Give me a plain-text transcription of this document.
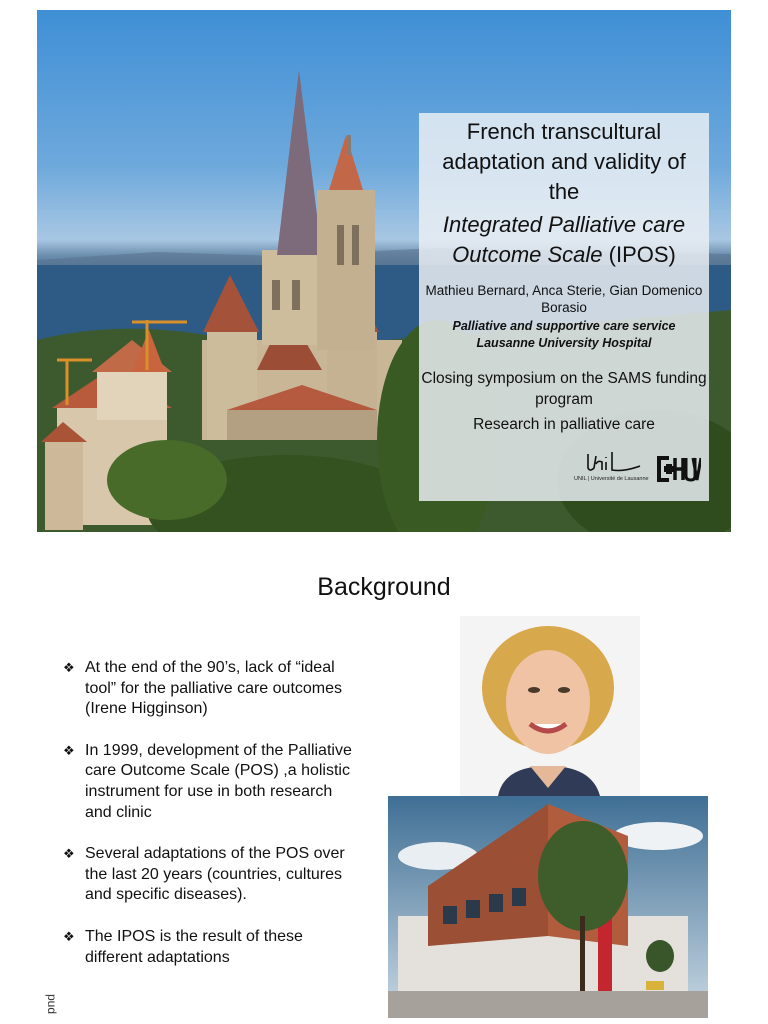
French transcultural
adaptation and validity of
the
Integrated Palliative care
Outcome Scale (IPOS)
Mathieu Bernard, Anca Sterie, Gian Domenico Borasio
Palliative and supportive care service
Lausanne University Hospital
Closing symposium on the SAMS funding program
Research in palliative care
UNIL | Université de Lausanne
Background
❖ At the end of the 90’s, lack of “ideal tool” for the palliative care outcomes (Irene Higginson)
❖ In 1999, development of the Palliative care Outcome Scale (POS) ,a holistic instrument for use in both research and clinic
❖ Several adaptations of the POS over the last 20 years (countries, cultures and specific diseases).
❖ The IPOS is the result of these different adaptations
pud
